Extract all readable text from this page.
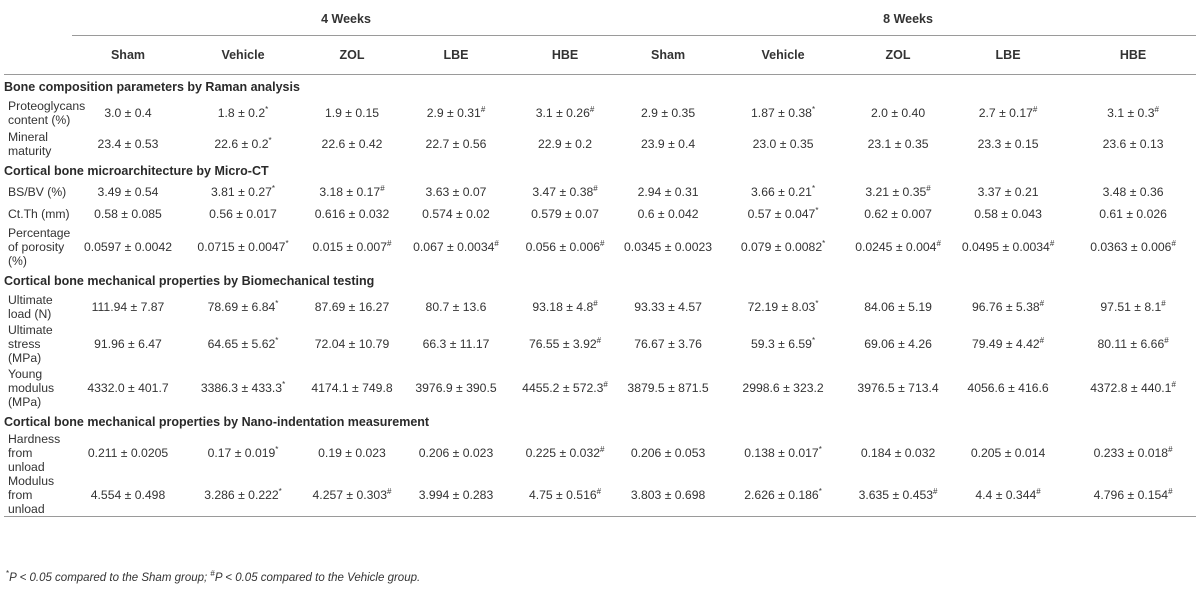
	4 Weeks					8 Weeks				
	Sham	Vehicle	ZOL	LBE	HBE	Sham	Vehicle	ZOL	LBE	HBE
Bone composition parameters by Raman analysis										
Proteoglycans content (%)	3.0 ± 0.4	1.8 ± 0.2*	1.9 ± 0.15	2.9 ± 0.31#	3.1 ± 0.26#	2.9 ± 0.35	1.87 ± 0.38*	2.0 ± 0.40	2.7 ± 0.17#	3.1 ± 0.3#
Mineral maturity	23.4 ± 0.53	22.6 ± 0.2*	22.6 ± 0.42	22.7 ± 0.56	22.9 ± 0.2	23.9 ± 0.4	23.0 ± 0.35	23.1 ± 0.35	23.3 ± 0.15	23.6 ± 0.13
Cortical bone microarchitecture by Micro-CT										
BS/BV (%)	3.49 ± 0.54	3.81 ± 0.27*	3.18 ± 0.17#	3.63 ± 0.07	3.47 ± 0.38#	2.94 ± 0.31	3.66 ± 0.21*	3.21 ± 0.35#	3.37 ± 0.21	3.48 ± 0.36
Ct.Th (mm)	0.58 ± 0.085	0.56 ± 0.017	0.616 ± 0.032	0.574 ± 0.02	0.579 ± 0.07	0.6 ± 0.042	0.57 ± 0.047*	0.62 ± 0.007	0.58 ± 0.043	0.61 ± 0.026
Percentage of porosity (%)	0.0597 ± 0.0042	0.0715 ± 0.0047*	0.015 ± 0.007#	0.067 ± 0.0034#	0.056 ± 0.006#	0.0345 ± 0.0023	0.079 ± 0.0082*	0.0245 ± 0.004#	0.0495 ± 0.0034#	0.0363 ± 0.006#
Cortical bone mechanical properties by Biomechanical testing										
Ultimate load (N)	111.94 ± 7.87	78.69 ± 6.84*	87.69 ± 16.27	80.7 ± 13.6	93.18 ± 4.8#	93.33 ± 4.57	72.19 ± 8.03*	84.06 ± 5.19	96.76 ± 5.38#	97.51 ± 8.1#
Ultimate stress (MPa)	91.96 ± 6.47	64.65 ± 5.62*	72.04 ± 10.79	66.3 ± 11.17	76.55 ± 3.92#	76.67 ± 3.76	59.3 ± 6.59*	69.06 ± 4.26	79.49 ± 4.42#	80.11 ± 6.66#
Young modulus (MPa)	4332.0 ± 401.7	3386.3 ± 433.3*	4174.1 ± 749.8	3976.9 ± 390.5	4455.2 ± 572.3#	3879.5 ± 871.5	2998.6 ± 323.2	3976.5 ± 713.4	4056.6 ± 416.6	4372.8 ± 440.1#
Cortical bone mechanical properties by Nano-indentation measurement										
Hardness from unload	0.211 ± 0.0205	0.17 ± 0.019*	0.19 ± 0.023	0.206 ± 0.023	0.225 ± 0.032#	0.206 ± 0.053	0.138 ± 0.017*	0.184 ± 0.032	0.205 ± 0.014	0.233 ± 0.018#
Modulus from unload	4.554 ± 0.498	3.286 ± 0.222*	4.257 ± 0.303#	3.994 ± 0.283	4.75 ± 0.516#	3.803 ± 0.698	2.626 ± 0.186*	3.635 ± 0.453#	4.4 ± 0.344#	4.796 ± 0.154#
*P < 0.05 compared to the Sham group; #P < 0.05 compared to the Vehicle group.
